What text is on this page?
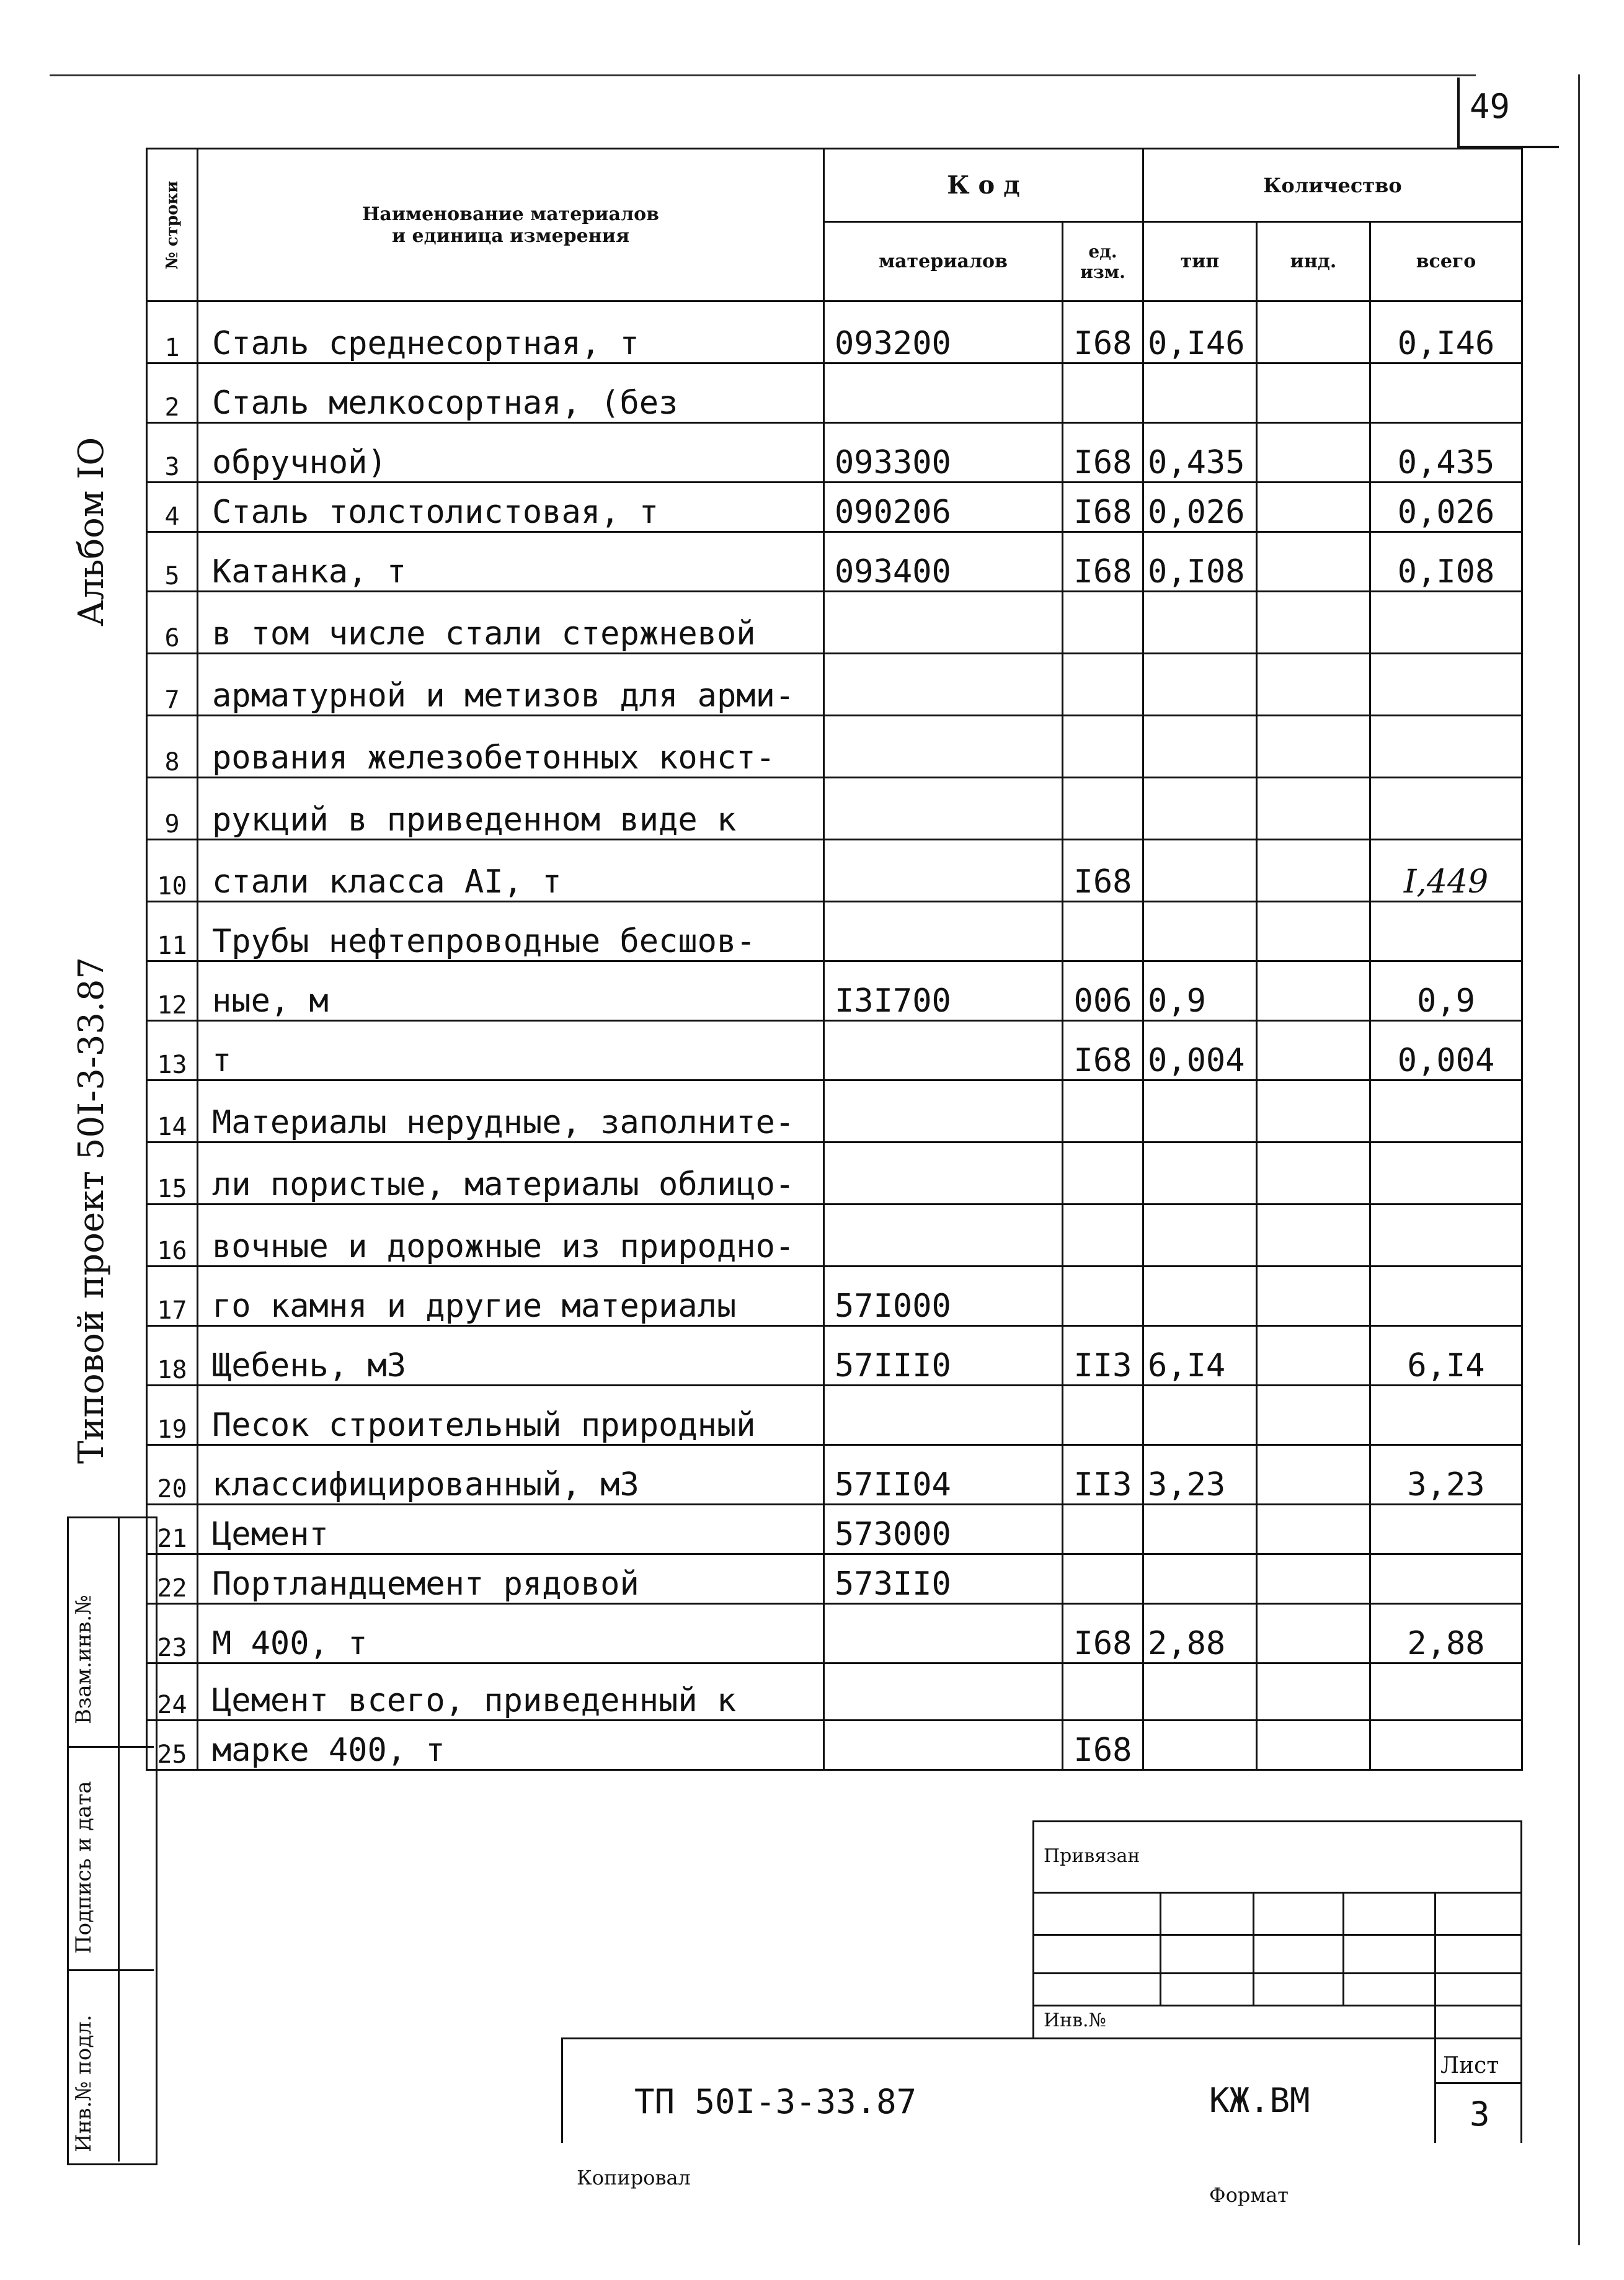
49
Альбом IO
Типовой проект 50I-3-33.87
Взам.инв.№
Подпись и дата
Инв.№ подл.
№ строки	Наименование материалов
и единица измерения	К о д		Количество		
		материалов	ед. изм.	тип	инд.	всего
1	Сталь среднесортная, т	093200	I68	0,I46		0,I46
2	Сталь мелкосортная, (без					
3	обручной)	093300	I68	0,435		0,435
4	Сталь толстолистовая, т	090206	I68	0,026		0,026
5	Катанка, т	093400	I68	0,I08		0,I08
6	в том числе стали стержневой					
7	арматурной и метизов для арми-					
8	рования железобетонных конст-					
9	рукций в приведенном виде к					
10	стали класса AI, т		I68			I,449
11	Трубы нефтепроводные бесшов-					
12	ные, м	I3I700	006	0,9		0,9
13	т		I68	0,004		0,004
14	Материалы нерудные, заполните-					
15	ли пористые, материалы облицо-					
16	вочные и дорожные из природно-					
17	го камня и другие материалы	57I000				
18	Щебень, м3	57III0	II3	6,I4		6,I4
19	Песок строительный природный					
20	классифицированный, м3	57II04	II3	3,23		3,23
21	Цемент	573000				
22	Портландцемент рядовой	573II0				
23	М 400, т		I68	2,88		2,88
24	Цемент всего, приведенный к					
25	марке 400, т		I68			
Привязан
Инв.№
ТП 50I-3-33.87	КЖ.ВМ
Лист
3
Копировал
Формат
